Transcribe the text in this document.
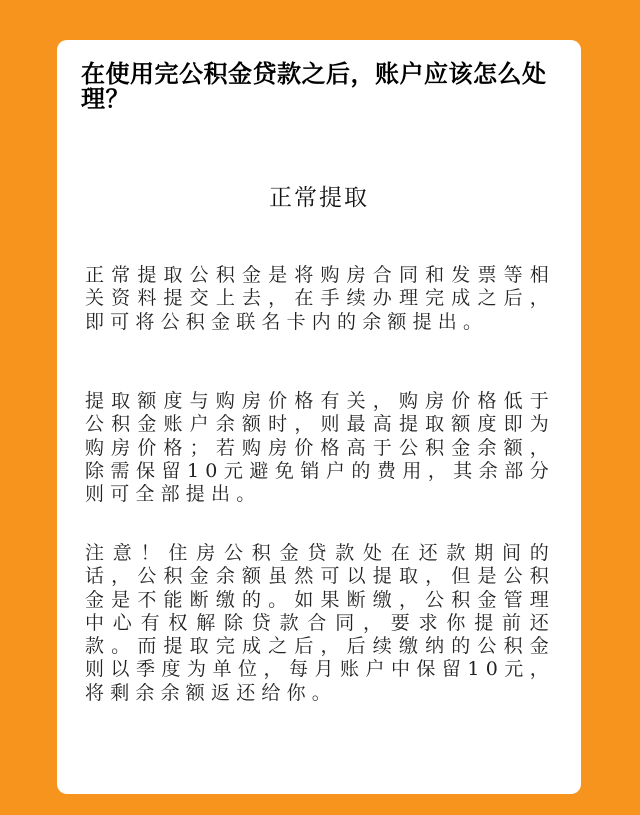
在使用完公积金贷款之后，账户应该怎么处理？
正常提取

正常提取公积金是将购房合同和发票等相关资料提交上去，在手续办理完成之后，即可将公积金联名卡内的余额提出。

提取额度与购房价格有关，购房价格低于公积金账户余额时，则最高提取额度即为购房价格；若购房价格高于公积金余额，除需保留10元避免销户的费用，其余部分则可全部提出。

注意！住房公积金贷款处在还款期间的话，公积金余额虽然可以提取，但是公积金是不能断缴的。如果断缴，公积金管理中心有权解除贷款合同，要求你提前还款。而提取完成之后，后续缴纳的公积金则以季度为单位，每月账户中保留10元，将剩余余额返还给你。
